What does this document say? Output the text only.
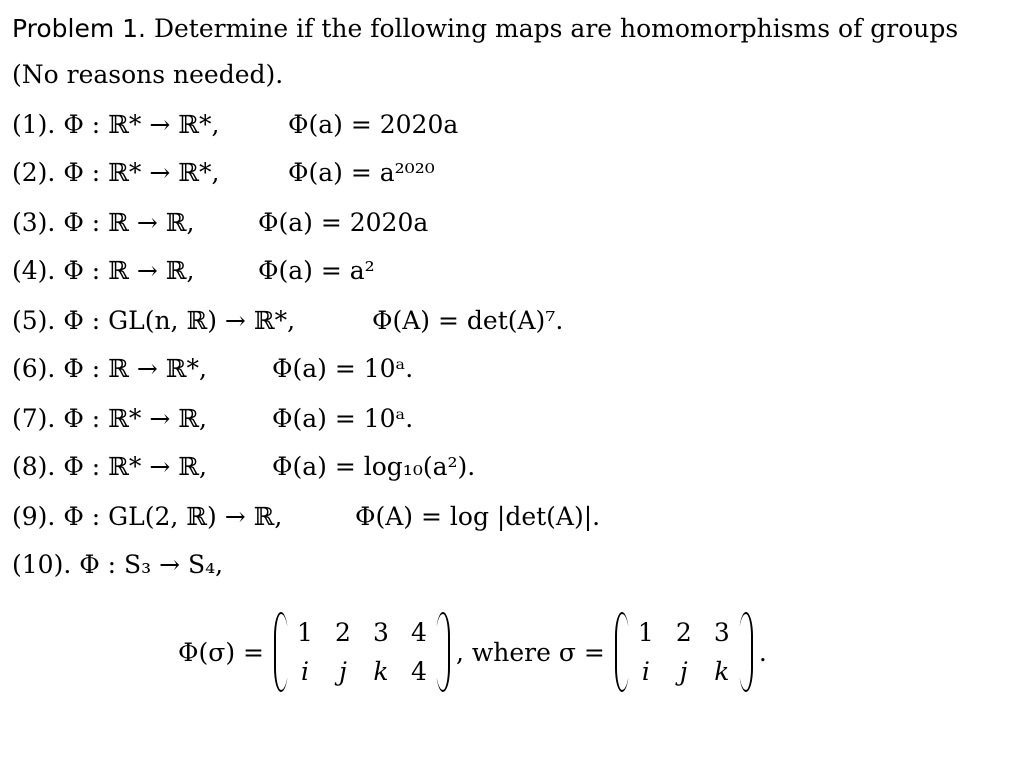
Problem 1. Determine if the following maps are homomorphisms of groups
(No reasons needed).
(1). Φ : ℝ* → ℝ*,	Φ(a) = 2020a
(2). Φ : ℝ* → ℝ*,	Φ(a) = a²⁰²⁰
(3). Φ : ℝ → ℝ,	Φ(a) = 2020a
(4). Φ : ℝ → ℝ,	Φ(a) = a²
(5). Φ : GL(n, ℝ) → ℝ*,	Φ(A) = det(A)⁷.
(6). Φ : ℝ → ℝ*,	Φ(a) = 10ᵃ.
(7). Φ : ℝ* → ℝ,	Φ(a) = 10ᵃ.
(8). Φ : ℝ* → ℝ,	Φ(a) = log₁₀(a²).
(9). Φ : GL(2, ℝ) → ℝ,	Φ(A) = log |det(A)|.
(10). Φ : S₃ → S₄,
Φ(σ) =
1 2 3 4
i	j	k 4
, where σ =
1 2 3
i	j	k
.
